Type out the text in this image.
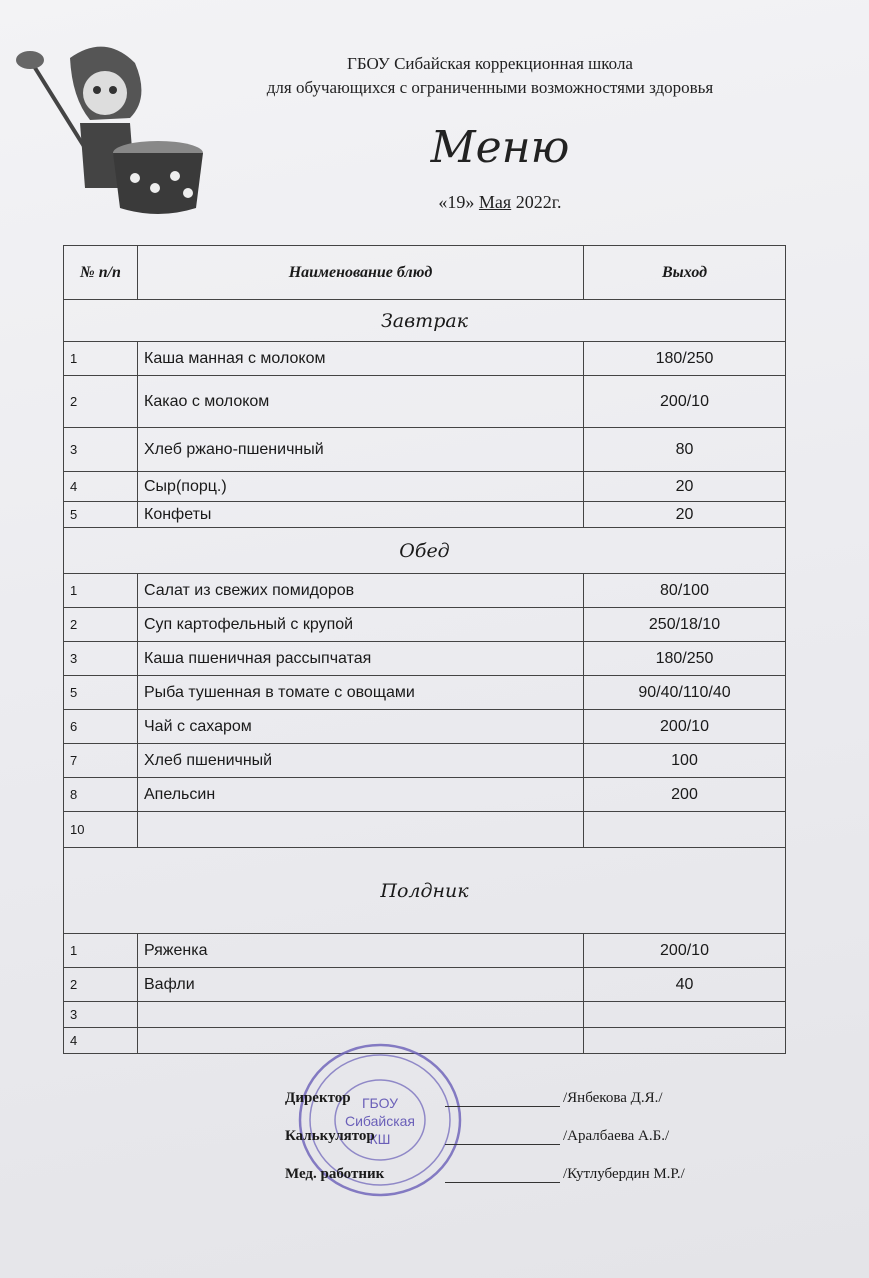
ГБОУ Сибайская коррекционная школа
для обучающихся с ограниченными возможностями здоровья
Меню
«19» Мая 2022г.
№ п/п	Наименование блюд	Выход
Завтрак		
1	Каша манная с молоком	180/250
2	Какао с молоком	200/10
3	Хлеб ржано-пшеничный	80
4	Сыр(порц.)	20
5	Конфеты	20
Обед		
1	Салат из свежих помидоров	80/100
2	Суп картофельный с крупой	250/18/10
3	Каша пшеничная рассыпчатая	180/250
5	Рыба тушенная в томате с овощами	90/40/110/40
6	Чай с сахаром	200/10
7	Хлеб пшеничный	100
8	Апельсин	200
10		
Полдник		
1	Ряженка	200/10
2	Вафли	40
3		
4		
ГБОУ
Сибайская
КШ
Директор	/Янбекова Д.Я./
Калькулятор	/Аралбаева А.Б./
Мед. работник	/Кутлубердин М.Р./
